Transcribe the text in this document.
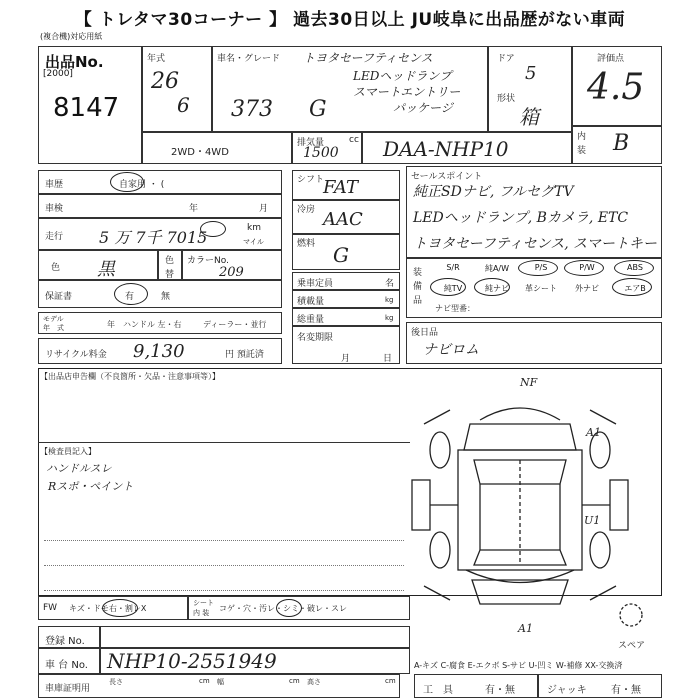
【 トレタマ30コーナー 】 過去30日以上 JU岐阜に出品歴がない車両
(複合機)対応用紙
出品No.
[2000]
8147
年式
26
6
車名・グレード トヨタセーフティセンス
LEDヘッドランプ
スマートエントリー
パッケージ
373 G
ドア
5
形状
箱
評価点
4.5
内
装 B
2WD・4WD
排気量
1500
cc DAA-NHP10
車歴	自家用 ・ (
車検	年	月
走行 5 万 7千 7015	km
マイル
色 黒	色
替
カラーNo.
209
保証書	有	無
モデル
年　式	年 ハンドル 左・右	ディーラー・並行
リサイクル料金 9,130	円 預託済
シフト
FAT
冷房 AAC
燃料 G
乗車定員	名
積載量	kg
総重量	kg
名変期限
月	日
セールスポイント
純正SDナビ, フルセグTV
LEDヘッドランプ, Bカメラ, ETC
トヨタセーフティセンス, スマートキー
装
備
品
S/R	純A/W	P/S	P/W	ABS
純TV	純ナビ	革シート	外ナビ	エアB
ナビ型番：
後日品
ナビロム
【出品店申告欄（不良箇所・欠品・注意事項等）】
【検査員記入】
ハンドルスレ
Rスポ・ペイント
NF
A1
U1
A1
スペア
FW キズ・ドモ右・割レX
シート
内 装 コゲ・穴・汚レ・シミ・破レ・スレ
登録 No.
車 台 No. NHP10-2551949
車庫証明用
長さ	cm 幅	cm 高さ	cm
A-キズ C-腐食 E-エクボ S-サビ U-凹ミ W-補修 XX-交換済
工　具	有・無	ジャッキ 有・無
